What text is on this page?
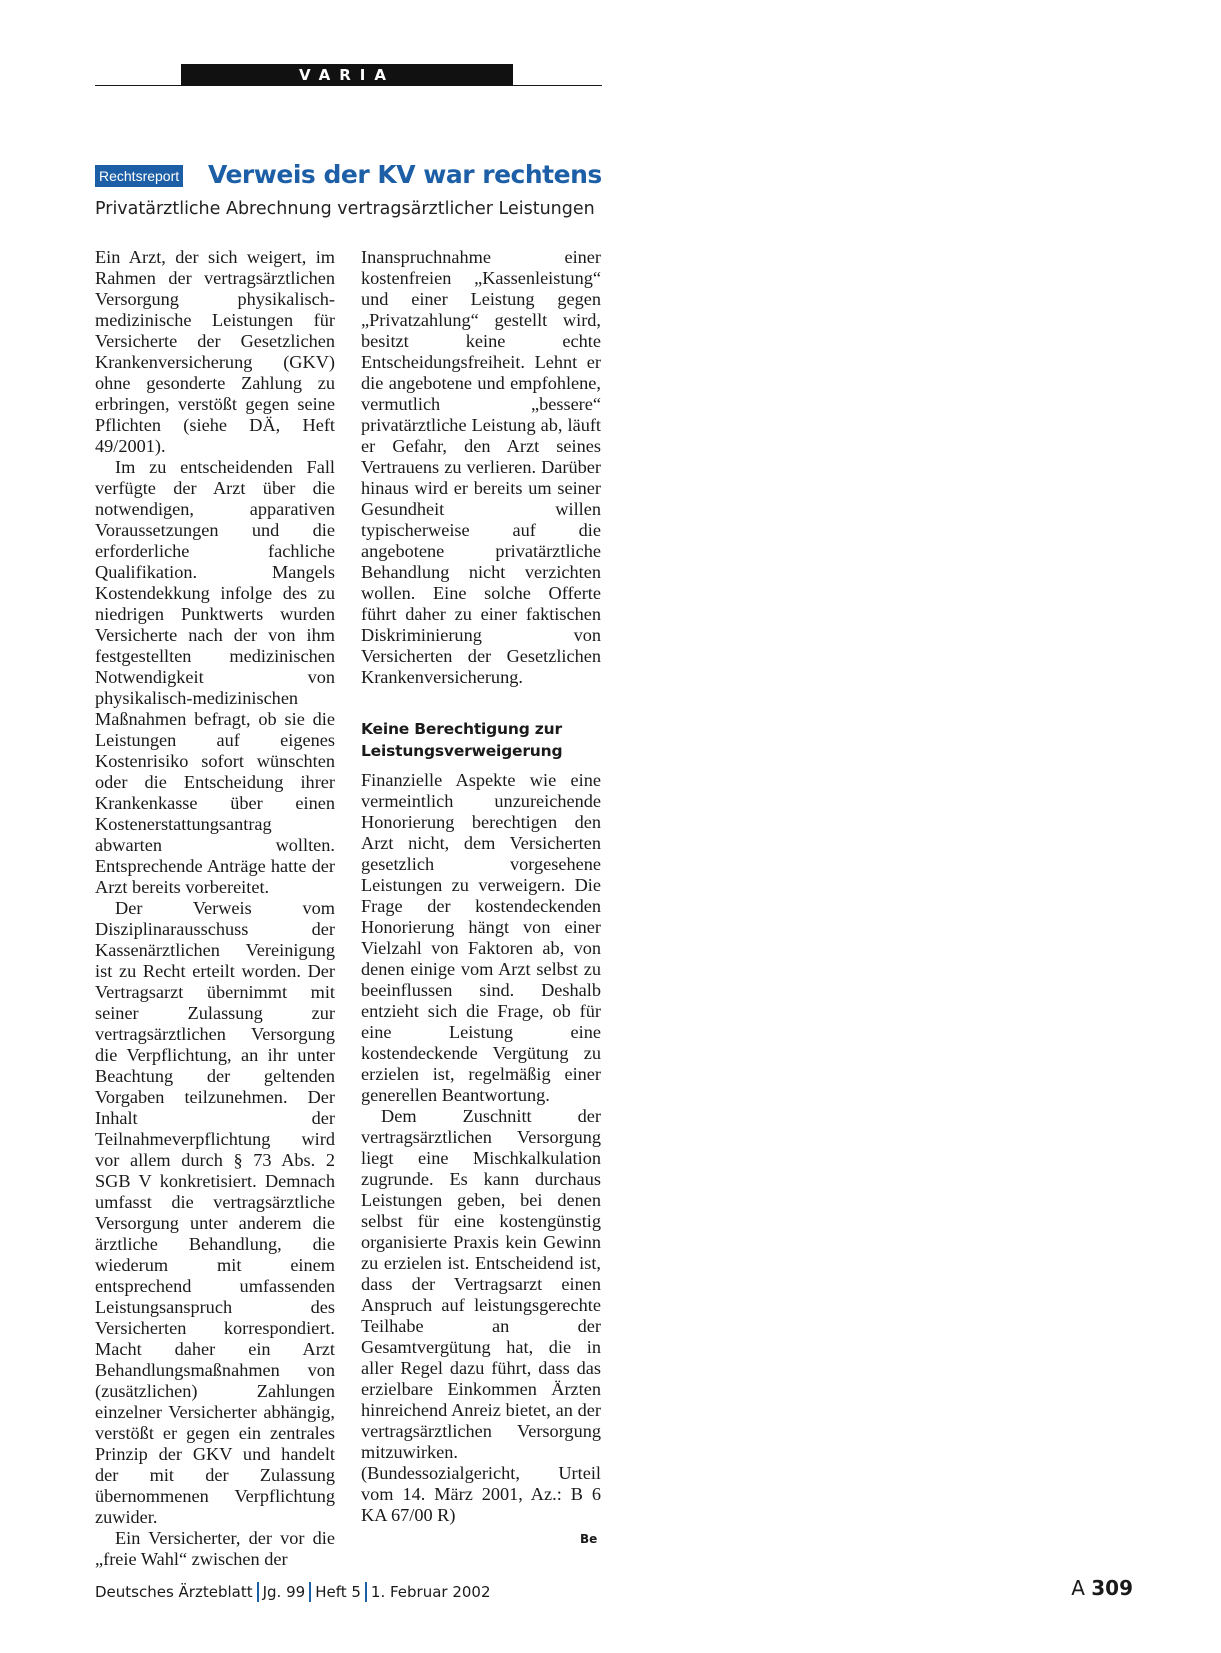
VARIA
Rechtsreport Verweis der KV war rechtens
Privatärztliche Abrechnung vertragsärztlicher Leistungen

Ein Arzt, der sich weigert, im Rahmen der vertragsärztlichen Versorgung physikalisch-medizinische Leistungen für Versicherte der Gesetzlichen Krankenversicherung (GKV) ohne gesonderte Zahlung zu erbringen, verstößt gegen seine Pflichten (siehe DÄ, Heft 49/2001).

Im zu entscheidenden Fall verfügte der Arzt über die notwendigen, apparativen Voraussetzungen und die erforderliche fachliche Qualifikation. Mangels Kostendekkung infolge des zu niedrigen Punktwerts wurden Versicherte nach der von ihm festgestellten medizinischen Notwendigkeit von physikalisch-medizinischen Maßnahmen befragt, ob sie die Leistungen auf eigenes Kostenrisiko sofort wünschten oder die Entscheidung ihrer Krankenkasse über einen Kostenerstattungsantrag abwarten wollten. Entsprechende Anträge hatte der Arzt bereits vorbereitet.

Der Verweis vom Disziplinarausschuss der Kassenärztlichen Vereinigung ist zu Recht erteilt worden. Der Vertragsarzt übernimmt mit seiner Zulassung zur vertragsärztlichen Versorgung die Verpflichtung, an ihr unter Beachtung der geltenden Vorgaben teilzunehmen. Der Inhalt der Teilnahmeverpflichtung wird vor allem durch § 73 Abs. 2 SGB V konkretisiert. Demnach umfasst die vertragsärztliche Versorgung unter anderem die ärztliche Behandlung, die wiederum mit einem entsprechend umfassenden Leistungsanspruch des Versicherten korrespondiert. Macht daher ein Arzt Behandlungsmaßnahmen von (zusätzlichen) Zahlungen einzelner Versicherter abhängig, verstößt er gegen ein zentrales Prinzip der GKV und handelt der mit der Zulassung übernommenen Verpflichtung zuwider.

Ein Versicherter, der vor die „freie Wahl“ zwischen der

Inanspruchnahme einer kostenfreien „Kassenleistung“ und einer Leistung gegen „Privatzahlung“ gestellt wird, besitzt keine echte Entscheidungsfreiheit. Lehnt er die angebotene und empfohlene, vermutlich „bessere“ privatärztliche Leistung ab, läuft er Gefahr, den Arzt seines Vertrauens zu verlieren. Darüber hinaus wird er bereits um seiner Gesundheit willen typischerweise auf die angebotene privatärztliche Behandlung nicht verzichten wollen. Eine solche Offerte führt daher zu einer faktischen Diskriminierung von Versicherten der Gesetzlichen Krankenversicherung.

Keine Berechtigung zur Leistungsverweigerung

Finanzielle Aspekte wie eine vermeintlich unzureichende Honorierung berechtigen den Arzt nicht, dem Versicherten gesetzlich vorgesehene Leistungen zu verweigern. Die Frage der kostendeckenden Honorierung hängt von einer Vielzahl von Faktoren ab, von denen einige vom Arzt selbst zu beeinflussen sind. Deshalb entzieht sich die Frage, ob für eine Leistung eine kostendeckende Vergütung zu erzielen ist, regelmäßig einer generellen Beantwortung.

Dem Zuschnitt der vertragsärztlichen Versorgung liegt eine Mischkalkulation zugrunde. Es kann durchaus Leistungen geben, bei denen selbst für eine kostengünstig organisierte Praxis kein Gewinn zu erzielen ist. Entscheidend ist, dass der Vertragsarzt einen Anspruch auf leistungsgerechte Teilhabe an der Gesamtvergütung hat, die in aller Regel dazu führt, dass das erzielbare Einkommen Ärzten hinreichend Anreiz bietet, an der vertragsärztlichen Versorgung mitzuwirken. (Bundessozialgericht, Urteil vom 14. März 2001, Az.: B 6 KA 67/00 R)

Be
Deutsches Ärzteblatt Jg. 99 Heft 5 1. Februar 2002	A 309
